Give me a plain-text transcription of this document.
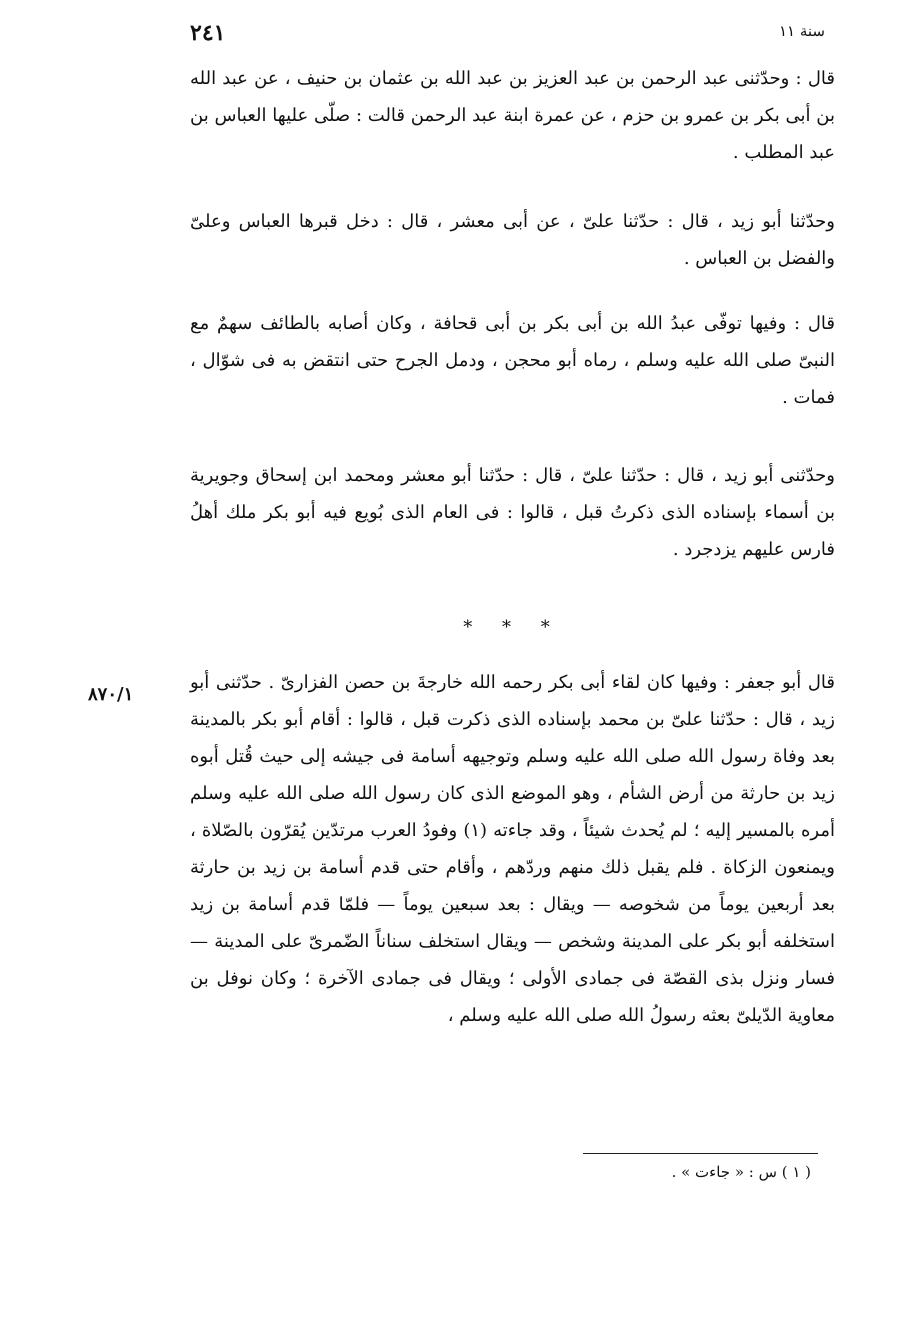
٢٤١	سنة ١١
قال : وحدّثنى عبد الرحمن بن عبد العزيز بن عبد الله بن عثمان بن حنيف ، عن عبد الله بن أبى بكر بن عمرو بن حزم ، عن عمرة ابنة عبد الرحمن قالت : صلّى عليها العباس بن عبد المطلب .
وحدّثنا أبو زيد ، قال : حدّثنا علىّ ، عن أبى معشر ، قال : دخل قبرها العباس وعلىّ والفضل بن العباس .
قال : وفيها توفّى عبدُ الله بن أبى بكر بن أبى قحافة ، وكان أصابه بالطائف سهمٌ مع النبىّ صلى الله عليه وسلم ، رماه أبو محجن ، ودمل الجرح حتى انتقض به فى شوّال ، فمات .
وحدّثنى أبو زيد ، قال : حدّثنا علىّ ، قال : حدّثنا أبو معشر ومحمد ابن إسحاق وجويرية بن أسماء بإسناده الذى ذكرتُ قبل ، قالوا : فى العام الذى بُويع فيه أبو بكر ملك أهلُ فارس عليهم يزدجرد .
* * *
٨٧٠/١
قال أبو جعفر : وفيها كان لقاء أبى بكر رحمه الله خارجةَ بن حصن الفزارىّ . حدّثنى أبو زيد ، قال : حدّثنا علىّ بن محمد بإسناده الذى ذكرت قبل ، قالوا : أقام أبو بكر بالمدينة بعد وفاة رسول الله صلى الله عليه وسلم وتوجيهه أسامة فى جيشه إلى حيث قُتل أبوه زيد بن حارثة من أرض الشأم ، وهو الموضع الذى كان رسول الله صلى الله عليه وسلم أمره بالمسير إليه ؛ لم يُحدث شيئاً ، وقد جاءته (١) وفودُ العرب مرتدّين يُقرّون بالصّلاة ، ويمنعون الزكاة . فلم يقبل ذلك منهم وردّهم ، وأقام حتى قدم أسامة بن زيد بن حارثة بعد أربعين يوماً من شخوصه — ويقال : بعد سبعين يوماً — فلمّا قدم أسامة بن زيد استخلفه أبو بكر على المدينة وشخص — ويقال استخلف سناناً الضّمرىّ على المدينة — فسار ونزل بذى القصّة فى جمادى الأولى ؛ ويقال فى جمادى الآخرة ؛ وكان نوفل بن معاوية الدّيلىّ بعثه رسولُ الله صلى الله عليه وسلم ،
( ١ ) س : « جاءت » .
